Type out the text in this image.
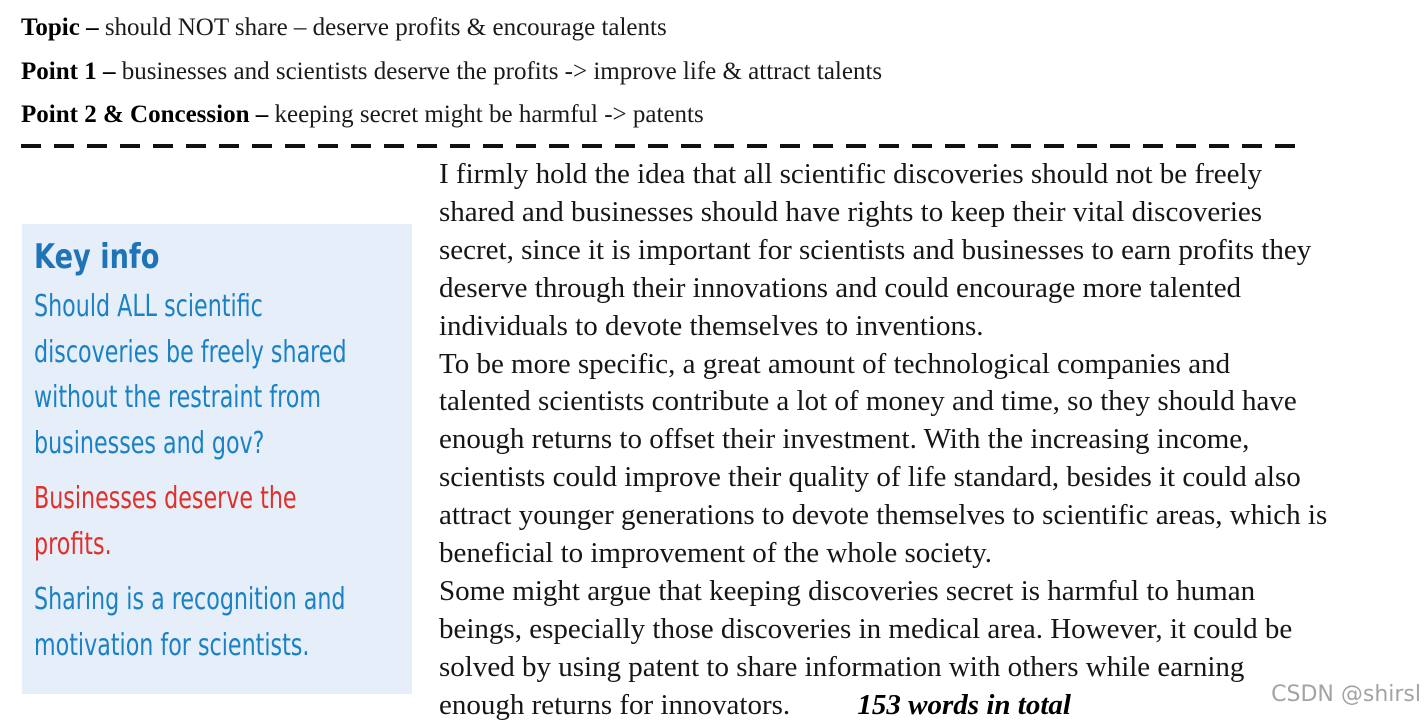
Topic – should NOT share – deserve profits & encourage talents
Point 1 – businesses and scientists deserve the profits -> improve life & attract talents
Point 2 & Concession – keeping secret might be harmful -> patents
Key info
Should ALL scientific
discoveries be freely shared
without the restraint from
businesses and gov?
Businesses deserve the
profits.
Sharing is a recognition and
motivation for scientists.
I firmly hold the idea that all scientific discoveries should not be freely
shared and businesses should have rights to keep their vital discoveries
secret, since it is important for scientists and businesses to earn profits they
deserve through their innovations and could encourage more talented
individuals to devote themselves to inventions.
To be more specific, a great amount of technological companies and
talented scientists contribute a lot of money and time, so they should have
enough returns to offset their investment. With the increasing income,
scientists could improve their quality of life standard, besides it could also
attract younger generations to devote themselves to scientific areas, which is
beneficial to improvement of the whole society.
Some might argue that keeping discoveries secret is harmful to human
beings, especially those discoveries in medical area. However, it could be
solved by using patent to share information with others while earning
enough returns for innovators. 153 words in total	CSDN @shirsl
